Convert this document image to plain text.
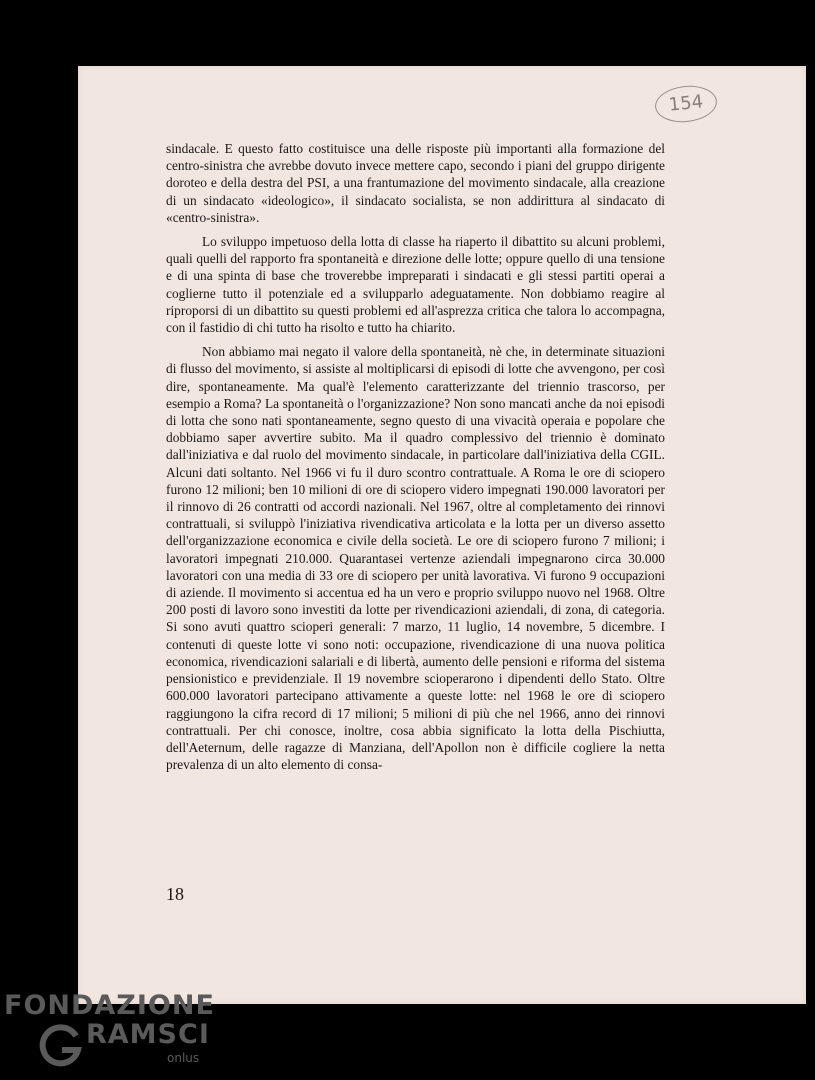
154

sindacale. E questo fatto costituisce una delle risposte più importanti alla formazione del centro-sinistra che avrebbe dovuto invece mettere capo, secondo i piani del gruppo dirigente doroteo e della destra del PSI, a una frantumazione del movimento sindacale, alla creazione di un sindacato «ideologico», il sindacato socialista, se non addirittura al sindacato di «centro-sinistra».

Lo sviluppo impetuoso della lotta di classe ha riaperto il dibattito su alcuni problemi, quali quelli del rapporto fra spontaneità e direzione delle lotte; oppure quello di una tensione e di una spinta di base che troverebbe impreparati i sindacati e gli stessi partiti operai a coglierne tutto il potenziale ed a svilupparlo adeguatamente. Non dobbiamo reagire al riproporsi di un dibattito su questi problemi ed all'asprezza critica che talora lo accompagna, con il fastidio di chi tutto ha risolto e tutto ha chiarito.

Non abbiamo mai negato il valore della spontaneità, nè che, in determinate situazioni di flusso del movimento, si assiste al moltiplicarsi di episodi di lotte che avvengono, per così dire, spontaneamente. Ma qual'è l'elemento caratterizzante del triennio trascorso, per esempio a Roma? La spontaneità o l'organizzazione? Non sono mancati anche da noi episodi di lotta che sono nati spontaneamente, segno questo di una vivacità operaia e popolare che dobbiamo saper avvertire subito. Ma il quadro complessivo del triennio è dominato dall'iniziativa e dal ruolo del movimento sindacale, in particolare dall'iniziativa della CGIL. Alcuni dati soltanto. Nel 1966 vi fu il duro scontro contrattuale. A Roma le ore di sciopero furono 12 milioni; ben 10 milioni di ore di sciopero videro impegnati 190.000 lavoratori per il rinnovo di 26 contratti od accordi nazionali. Nel 1967, oltre al completamento dei rinnovi contrattuali, si sviluppò l'iniziativa rivendicativa articolata e la lotta per un diverso assetto dell'organizzazione economica e civile della società. Le ore di sciopero furono 7 milioni; i lavoratori impegnati 210.000. Quarantasei vertenze aziendali impegnarono circa 30.000 lavoratori con una media di 33 ore di sciopero per unità lavorativa. Vi furono 9 occupazioni di aziende. Il movimento si accentua ed ha un vero e proprio sviluppo nuovo nel 1968. Oltre 200 posti di lavoro sono investiti da lotte per rivendicazioni aziendali, di zona, di categoria. Si sono avuti quattro scioperi generali: 7 marzo, 11 luglio, 14 novembre, 5 dicembre. I contenuti di queste lotte vi sono noti: occupazione, rivendicazione di una nuova politica economica, rivendicazioni salariali e di libertà, aumento delle pensioni e riforma del sistema pensionistico e previdenziale. Il 19 novembre scioperarono i dipendenti dello Stato. Oltre 600.000 lavoratori partecipano attivamente a queste lotte: nel 1968 le ore di sciopero raggiungono la cifra record di 17 milioni; 5 milioni di più che nel 1966, anno dei rinnovi contrattuali. Per chi conosce, inoltre, cosa abbia significato la lotta della Pischiutta, dell'Aeternum, delle ragazze di Manziana, dell'Apollon non è difficile cogliere la netta prevalenza di un alto elemento di consa-

18
FONDAZIONE
RAMSCI
onlus
